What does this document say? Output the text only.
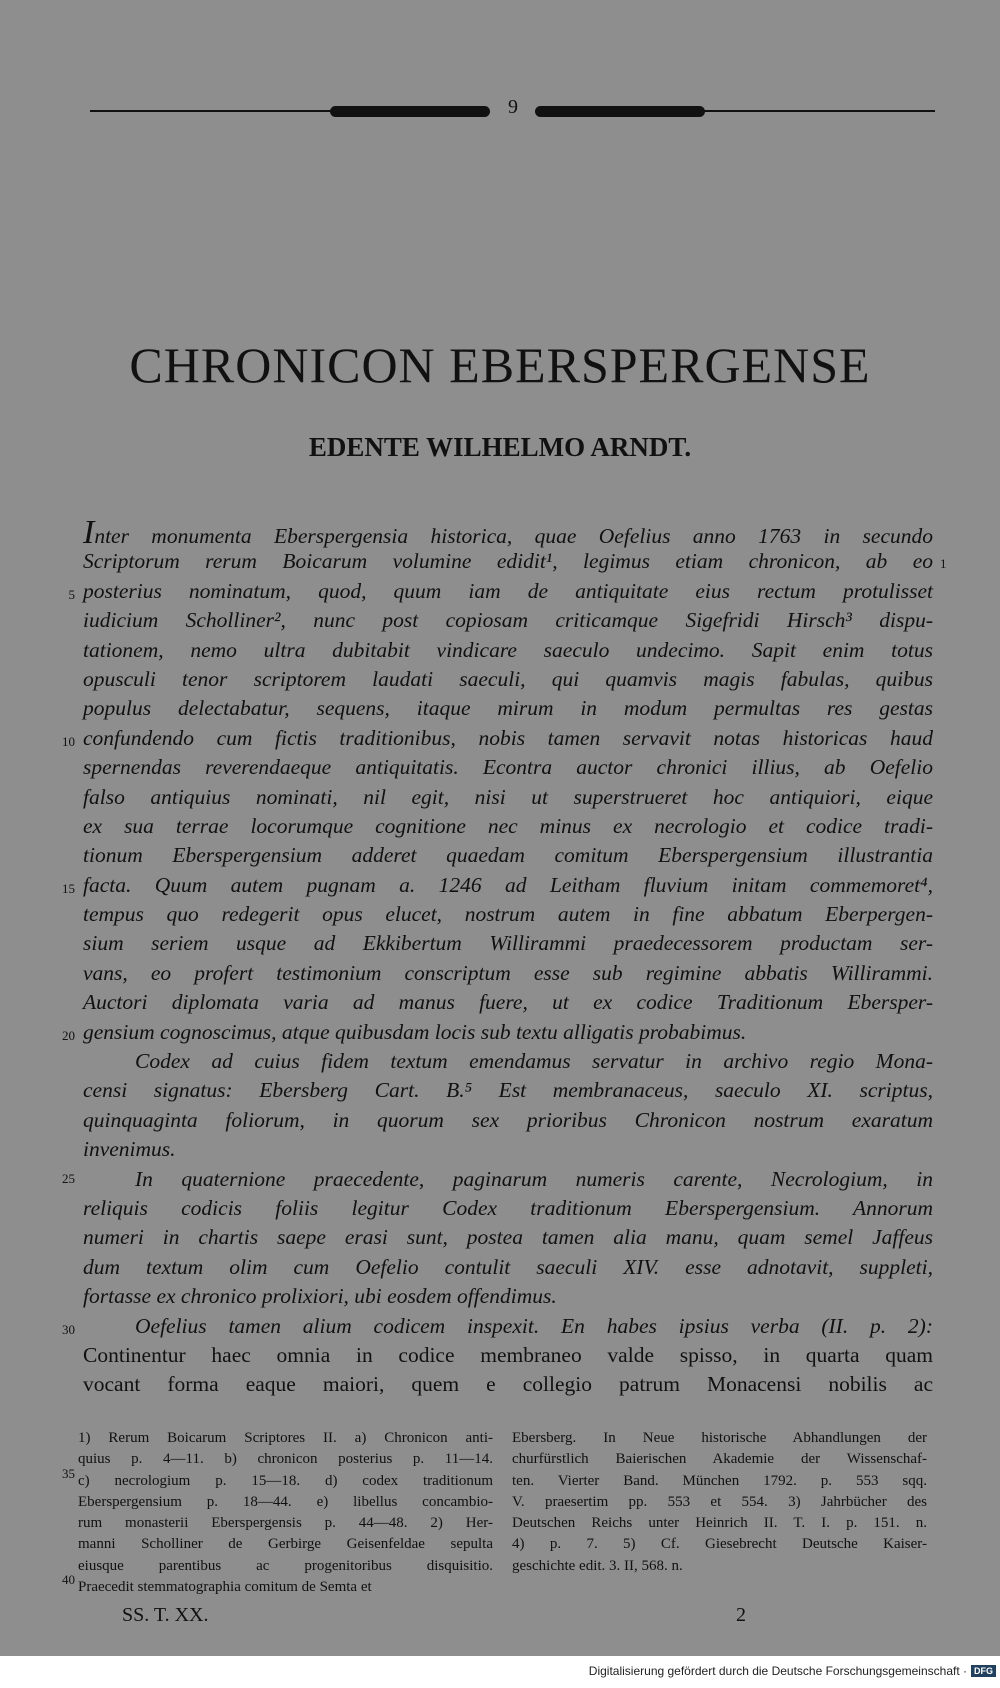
9
CHRONICON EBERSPERGENSE
EDENTE WILHELMO ARNDT.
5
10
15
20
25
30
35
40
1
Inter monumenta Eberspergensia historica, quae Oefelius anno 1763 in secundo
Scriptorum rerum Boicarum volumine edidit¹, legimus etiam chronicon, ab eo
posterius nominatum, quod, quum iam de antiquitate eius rectum protulisset
iudicium Scholliner², nunc post copiosam criticamque Sigefridi Hirsch³ dispu-
tationem, nemo ultra dubitabit vindicare saeculo undecimo. Sapit enim totus
opusculi tenor scriptorem laudati saeculi, qui quamvis magis fabulas, quibus
populus delectabatur, sequens, itaque mirum in modum permultas res gestas
confundendo cum fictis traditionibus, nobis tamen servavit notas historicas haud
spernendas reverendaeque antiquitatis. Econtra auctor chronici illius, ab Oefelio
falso antiquius nominati, nil egit, nisi ut superstrueret hoc antiquiori, eique
ex sua terrae locorumque cognitione nec minus ex necrologio et codice tradi-
tionum Eberspergensium adderet quaedam comitum Eberspergensium illustrantia
facta. Quum autem pugnam a. 1246 ad Leitham fluvium initam commemoret⁴,
tempus quo redegerit opus elucet, nostrum autem in fine abbatum Eberpergen-
sium seriem usque ad Ekkibertum Willirammi praedecessorem productam ser-
vans, eo profert testimonium conscriptum esse sub regimine abbatis Willirammi.
Auctori diplomata varia ad manus fuere, ut ex codice Traditionum Ebersper-
gensium cognoscimus, atque quibusdam locis sub textu alligatis probabimus.
Codex ad cuius fidem textum emendamus servatur in archivo regio Mona-
censi signatus: Ebersberg Cart. B.⁵ Est membranaceus, saeculo XI. scriptus,
quinquaginta foliorum, in quorum sex prioribus Chronicon nostrum exaratum
invenimus.
In quaternione praecedente, paginarum numeris carente, Necrologium, in
reliquis codicis foliis legitur Codex traditionum Eberspergensium. Annorum
numeri in chartis saepe erasi sunt, postea tamen alia manu, quam semel Jaffeus
dum textum olim cum Oefelio contulit saeculi XIV. esse adnotavit, suppleti,
fortasse ex chronico prolixiori, ubi eosdem offendimus.
Oefelius tamen alium codicem inspexit. En habes ipsius verba (II. p. 2):
Continentur haec omnia in codice membraneo valde spisso, in quarta quam
vocant forma eaque maiori, quem e collegio patrum Monacensi nobilis ac
1) Rerum Boicarum Scriptores II. a) Chronicon anti-
quius p. 4—11. b) chronicon posterius p. 11—14.
c) necrologium p. 15—18. d) codex traditionum
Eberspergensium p. 18—44. e) libellus concambio-
rum monasterii Eberspergensis p. 44—48. 2) Her-
manni Scholliner de Gerbirge Geisenfeldae sepulta
eiusque parentibus ac progenitoribus disquisitio.
Praecedit stemmatographia comitum de Semta et
Ebersberg. In Neue historische Abhandlungen der
churfürstlich Baierischen Akademie der Wissenschaf-
ten. Vierter Band. München 1792. p. 553 sqq.
V. praesertim pp. 553 et 554. 3) Jahrbücher des
Deutschen Reichs unter Heinrich II. T. I. p. 151. n.
4) p. 7. 5) Cf. Giesebrecht Deutsche Kaiser-
geschichte edit. 3. II, 568. n.
SS. T. XX.	2
Digitalisierung gefördert durch die Deutsche Forschungsgemeinschaft · DFG
